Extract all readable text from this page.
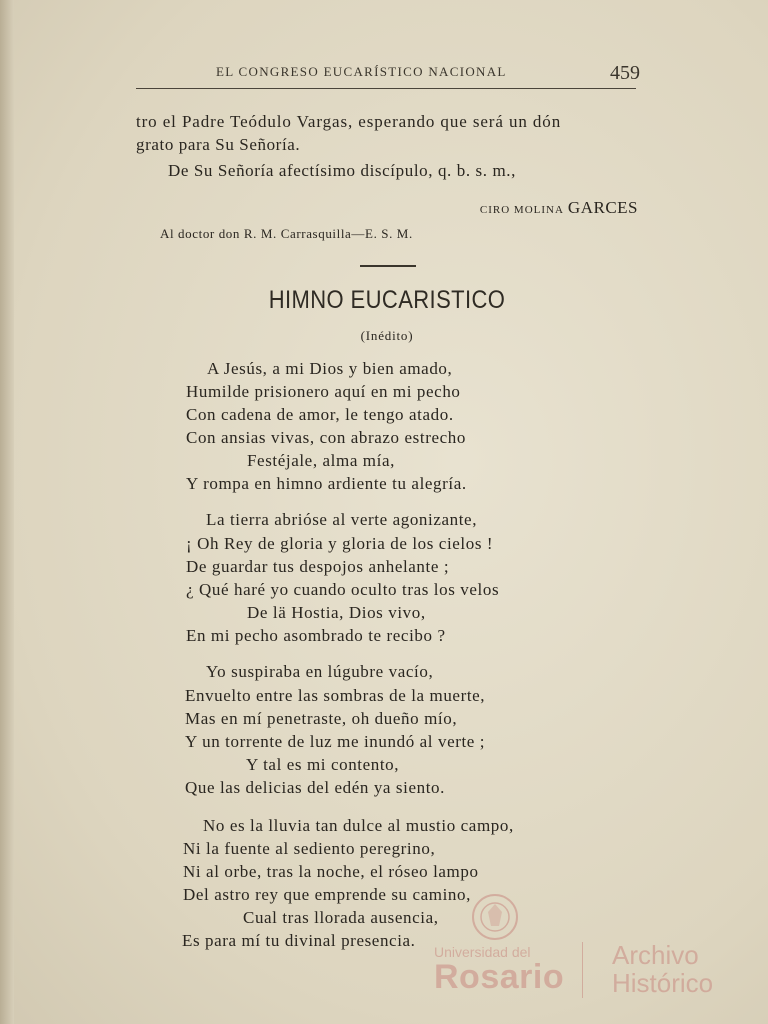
EL CONGRESO EUCARÍSTICO NACIONAL	459
tro el Padre Teódulo Vargas, esperando que será un dón
grato para Su Señoría.
De Su Señoría afectísimo discípulo, q. b. s. m.,
CIRO MOLINA GARCES
Al doctor don R. M. Carrasquilla—E. S. M.
HIMNO EUCARISTICO
(Inédito)
A Jesús, a mi Dios y bien amado,
Humilde prisionero aquí en mi pecho
Con cadena de amor, le tengo atado.
Con ansias vivas, con abrazo estrecho
Festéjale, alma mía,
Y rompa en himno ardiente tu alegría.
La tierra abrióse al verte agonizante,
¡ Oh Rey de gloria y gloria de los cielos !
De guardar tus despojos anhelante ;
¿ Qué haré yo cuando oculto tras los velos
De lä Hostia, Dios vivo,
En mi pecho asombrado te recibo ?
Yo suspiraba en lúgubre vacío,
Envuelto entre las sombras de la muerte,
Mas en mí penetraste, oh dueño mío,
Y un torrente de luz me inundó al verte ;
Y tal es mi contento,
Que las delicias del edén ya siento.
No es la lluvia tan dulce al mustio campo,
Ni la fuente al sediento peregrino,
Ni al orbe, tras la noche, el róseo lampo
Del astro rey que emprende su camino,
Cual tras llorada ausencia,
Es para mí tu divinal presencia.
Universidad del
Rosario
Archivo
Histórico
